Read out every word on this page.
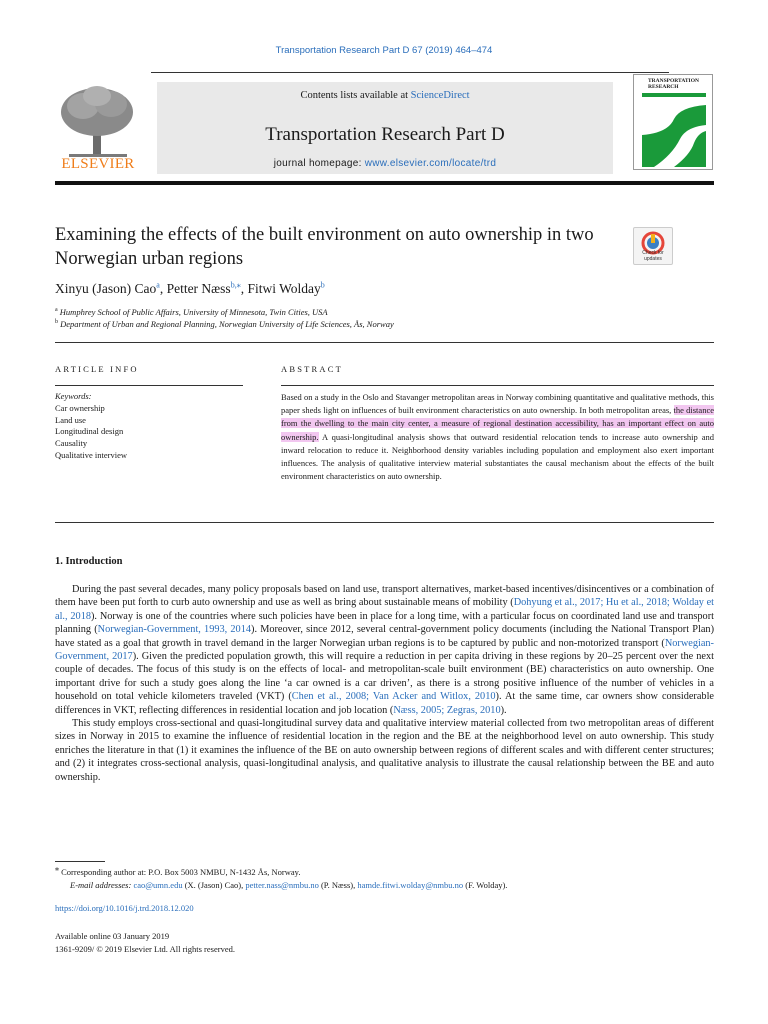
Transportation Research Part D 67 (2019) 464–474
ELSEVIER
Contents lists available at ScienceDirect
Transportation Research Part D
journal homepage: www.elsevier.com/locate/trd
TRANSPORTATION RESEARCH
Examining the effects of the built environment on auto ownership in two Norwegian urban regions	Check for updates
Xinyu (Jason) Cao$^a$, Petter Næss$^{b,⁎}$, Fitwi Wolday$^b$
$^a$ Humphrey School of Public Affairs, University of Minnesota, Twin Cities, USA
$^b$ Department of Urban and Regional Planning, Norwegian University of Life Sciences, Ås, Norway
ARTICLE INFO	ABSTRACT
Keywords:
Car ownership
Land use
Longitudinal design
Causality
Qualitative interview
Based on a study in the Oslo and Stavanger metropolitan areas in Norway combining quantitative and qualitative methods, this paper sheds light on influences of built environment characteristics on auto ownership. In both metropolitan areas, the distance from the dwelling to the main city center, a measure of regional destination accessibility, has an important effect on auto ownership. A quasi-longitudinal analysis shows that outward residential relocation tends to increase auto ownership and inward relocation to reduce it. Neighborhood density variables including population and employment also exert important influences. The analysis of qualitative interview material substantiates the causal mechanism about the effects of the built environment characteristics on auto ownership.
1. Introduction

During the past several decades, many policy proposals based on land use, transport alternatives, market-based incentives/disincentives or a combination of them have been put forth to curb auto ownership and use as well as bring about sustainable means of mobility (Dohyung et al., 2017; Hu et al., 2018; Wolday et al., 2018). Norway is one of the countries where such policies have been in place for a long time, with a particular focus on coordinated land use and transport planning (Norwegian-Government, 1993, 2014). Moreover, since 2012, several central-government policy documents (including the National Transport Plan) have stated as a goal that growth in travel demand in the larger Norwegian urban regions is to be captured by public and non-motorized transport (Norwegian-Government, 2017). Given the predicted population growth, this will require a reduction in per capita driving in these regions by 20–25 percent over the next couple of decades. The focus of this study is on the effects of local- and metropolitan-scale built environment (BE) characteristics on auto ownership. One important drive for such a study goes along the line ‘a car owned is a car driven’, as there is a strong positive influence of the number of vehicles in a household on total vehicle kilometers traveled (VKT) (Chen et al., 2008; Van Acker and Witlox, 2010). At the same time, car owners show considerable differences in VKT, reflecting differences in residential location and job location (Næss, 2005; Zegras, 2010).

This study employs cross-sectional and quasi-longitudinal survey data and qualitative interview material collected from two metropolitan areas of different sizes in Norway in 2015 to examine the influence of residential location in the region and the BE at the neighborhood level on auto ownership. This study enriches the literature in that (1) it examines the influence of the BE on auto ownership between regions of different scales and with different center structures; and (2) it integrates cross-sectional analysis, quasi-longitudinal analysis, and qualitative analysis to illustrate the causal relationship between the BE and auto ownership.

⁎ Corresponding author at: P.O. Box 5003 NMBU, N-1432 Ås, Norway.
E-mail addresses: cao@umn.edu (X. (Jason) Cao), petter.nass@nmbu.no (P. Næss), hamde.fitwi.wolday@nmbu.no (F. Wolday).
https://doi.org/10.1016/j.trd.2018.12.020
Available online 03 January 2019
1361-9209/ © 2019 Elsevier Ltd. All rights reserved.
